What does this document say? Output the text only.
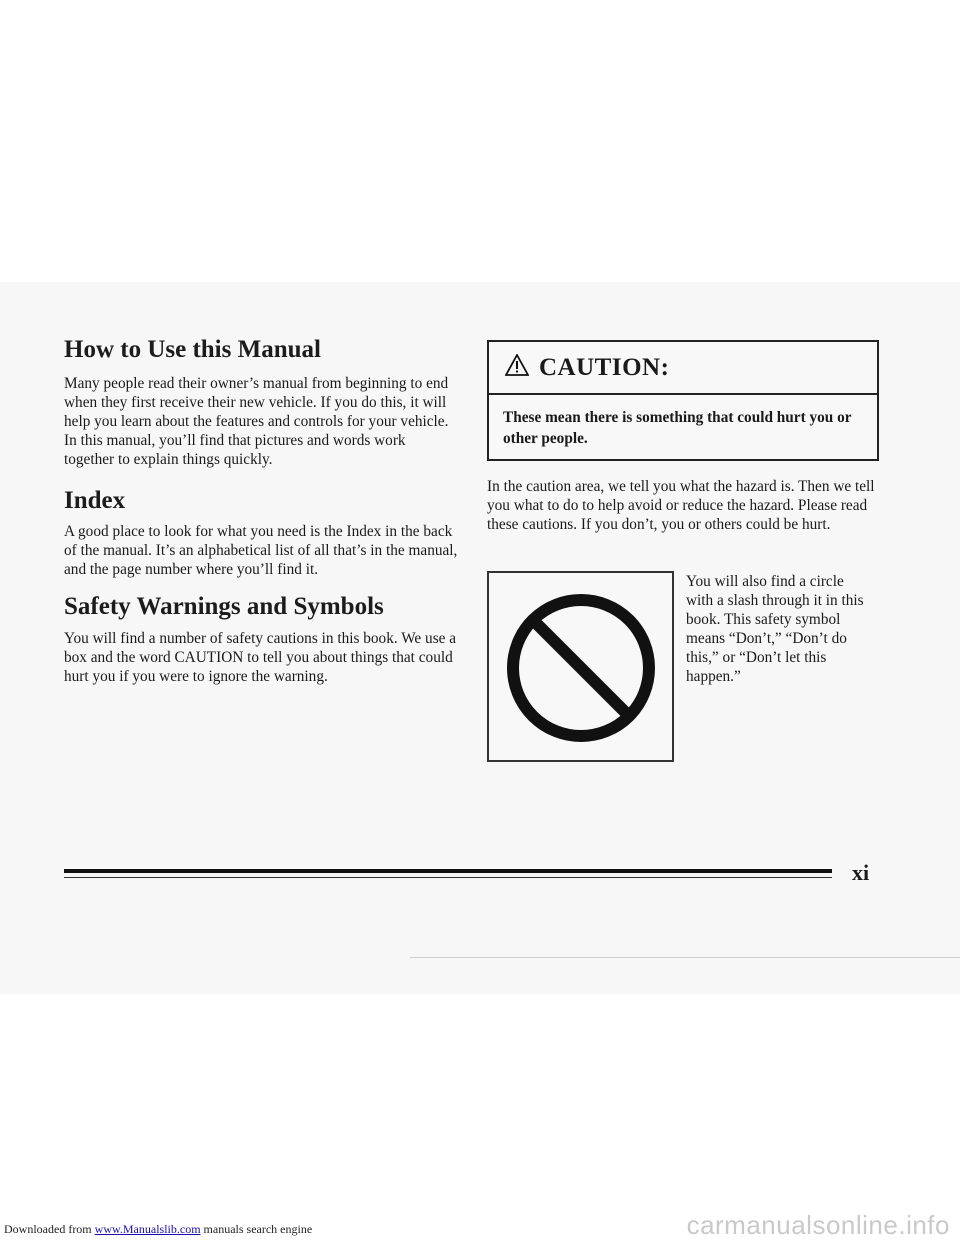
How to Use this Manual

Many people read their owner’s manual from beginning to end when they first receive their new vehicle. If you do this, it will help you learn about the features and controls for your vehicle. In this manual, you’ll find that pictures and words work together to explain things quickly.

Index

A good place to look for what you need is the Index in the back of the manual. It’s an alphabetical list of all that’s in the manual, and the page number where you’ll find it.

Safety Warnings and Symbols

You will find a number of safety cautions in this book. We use a box and the word CAUTION to tell you about things that could hurt you if you were to ignore the warning.

CAUTION:
These mean there is something that could hurt you or other people.

In the caution area, we tell you what the hazard is. Then we tell you what to do to help avoid or reduce the hazard. Please read these cautions. If you don’t, you or others could be hurt.

You will also find a circle with a slash through it in this book. This safety symbol means “Don’t,” “Don’t do this,” or “Don’t let this happen.”

xi
Downloaded from www.Manualslib.com manuals search engine	carmanualsonline.info
